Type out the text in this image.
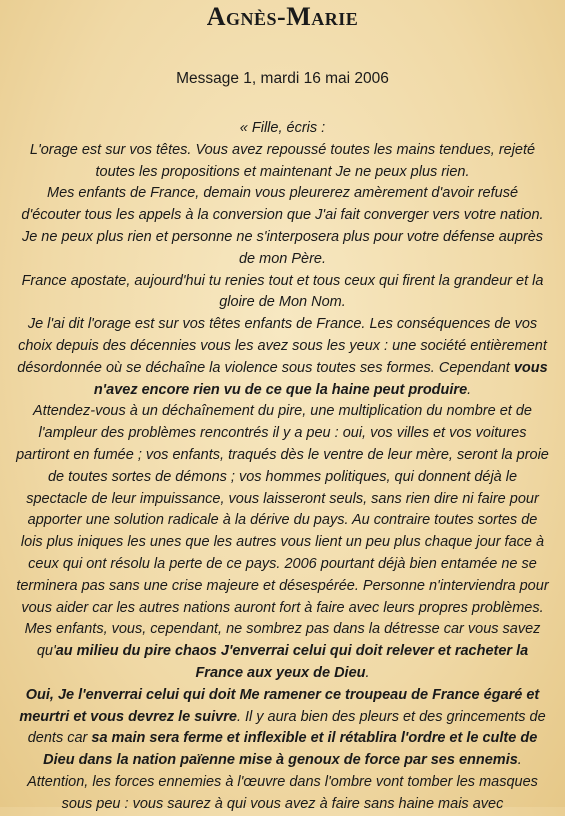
Agnès-Marie
Message 1, mardi 16 mai 2006
« Fille, écris :
L'orage est sur vos têtes. Vous avez repoussé toutes les mains tendues, rejeté
toutes les propositions et maintenant Je ne peux plus rien.
Mes enfants de France, demain vous pleurerez amèrement d'avoir refusé
d'écouter tous les appels à la conversion que J'ai fait converger vers votre nation.
Je ne peux plus rien et personne ne s'interposera plus pour votre défense auprès
de mon Père.
France apostate, aujourd'hui tu renies tout et tous ceux qui firent la grandeur et la
gloire de Mon Nom.
Je l'ai dit l'orage est sur vos têtes enfants de France. Les conséquences de vos
choix depuis des décennies vous les avez sous les yeux : une société entièrement
désordonnée où se déchaîne la violence sous toutes ses formes. Cependant vous
n'avez encore rien vu de ce que la haine peut produire.
Attendez-vous à un déchaînement du pire, une multiplication du nombre et de
l'ampleur des problèmes rencontrés il y a peu : oui, vos villes et vos voitures
partiront en fumée ; vos enfants, traqués dès le ventre de leur mère, seront la proie
de toutes sortes de démons ; vos hommes politiques, qui donnent déjà le
spectacle de leur impuissance, vous laisseront seuls, sans rien dire ni faire pour
apporter une solution radicale à la dérive du pays. Au contraire toutes sortes de
lois plus iniques les unes que les autres vous lient un peu plus chaque jour face à
ceux qui ont résolu la perte de ce pays. 2006 pourtant déjà bien entamée ne se
terminera pas sans une crise majeure et désespérée. Personne n'interviendra pour
vous aider car les autres nations auront fort à faire avec leurs propres problèmes.
Mes enfants, vous, cependant, ne sombrez pas dans la détresse car vous savez
qu'au milieu du pire chaos J'enverrai celui qui doit relever et racheter la
France aux yeux de Dieu.
Oui, Je l'enverrai celui qui doit Me ramener ce troupeau de France égaré et
meurtri et vous devrez le suivre. Il y aura bien des pleurs et des grincements de
dents car sa main sera ferme et inflexible et il rétablira l'ordre et le culte de
Dieu dans la nation païenne mise à genoux de force par ses ennemis.
Attention, les forces ennemies à l'œuvre dans l'ombre vont tomber les masques
sous peu : vous saurez à qui vous avez à faire sans haine mais avec
